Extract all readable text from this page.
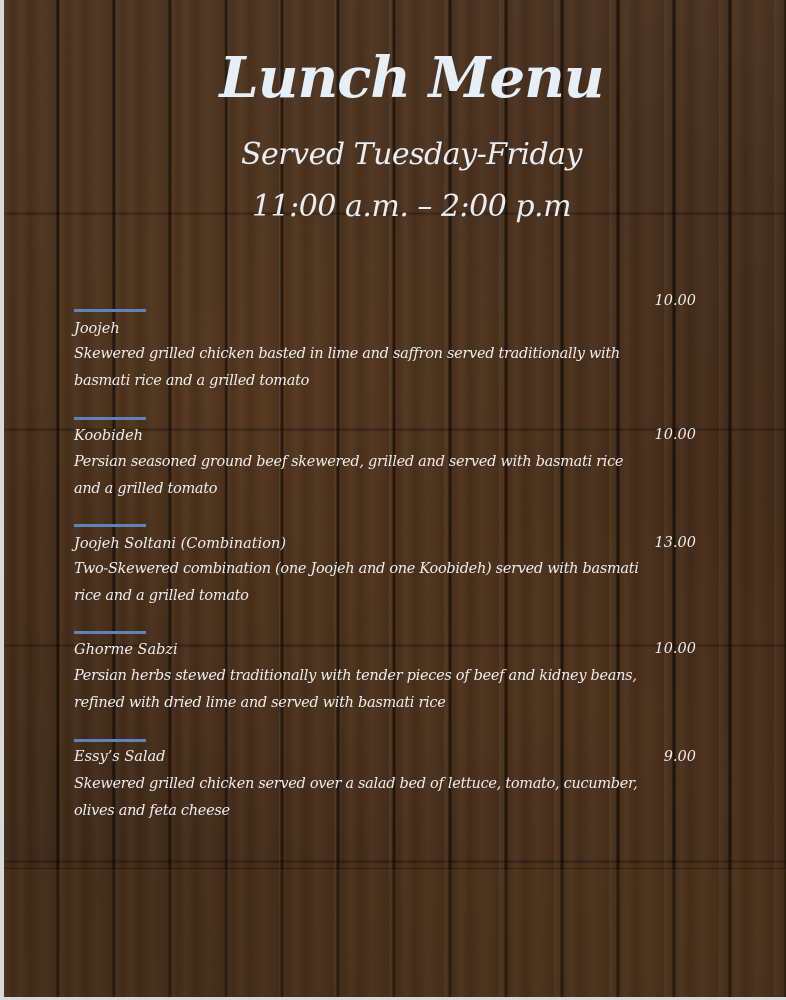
Lunch Menu
Served Tuesday-Friday
11:00 a.m. – 2:00 p.m
10.00
Joojeh
Skewered grilled chicken basted in lime and saffron served traditionally with basmati rice and a grilled tomato
10.00
Koobideh
Persian seasoned ground beef skewered, grilled and served with basmati rice and a grilled tomato
13.00
Joojeh Soltani (Combination)
Two-Skewered combination (one Joojeh and one Koobideh) served with basmati rice and a grilled tomato
10.00
Ghorme Sabzi
Persian herbs stewed traditionally with tender pieces of beef and kidney beans, refined with dried lime and served with basmati rice
9.00
Essy’s Salad
Skewered grilled chicken served over a salad bed of lettuce, tomato, cucumber, olives and feta cheese
